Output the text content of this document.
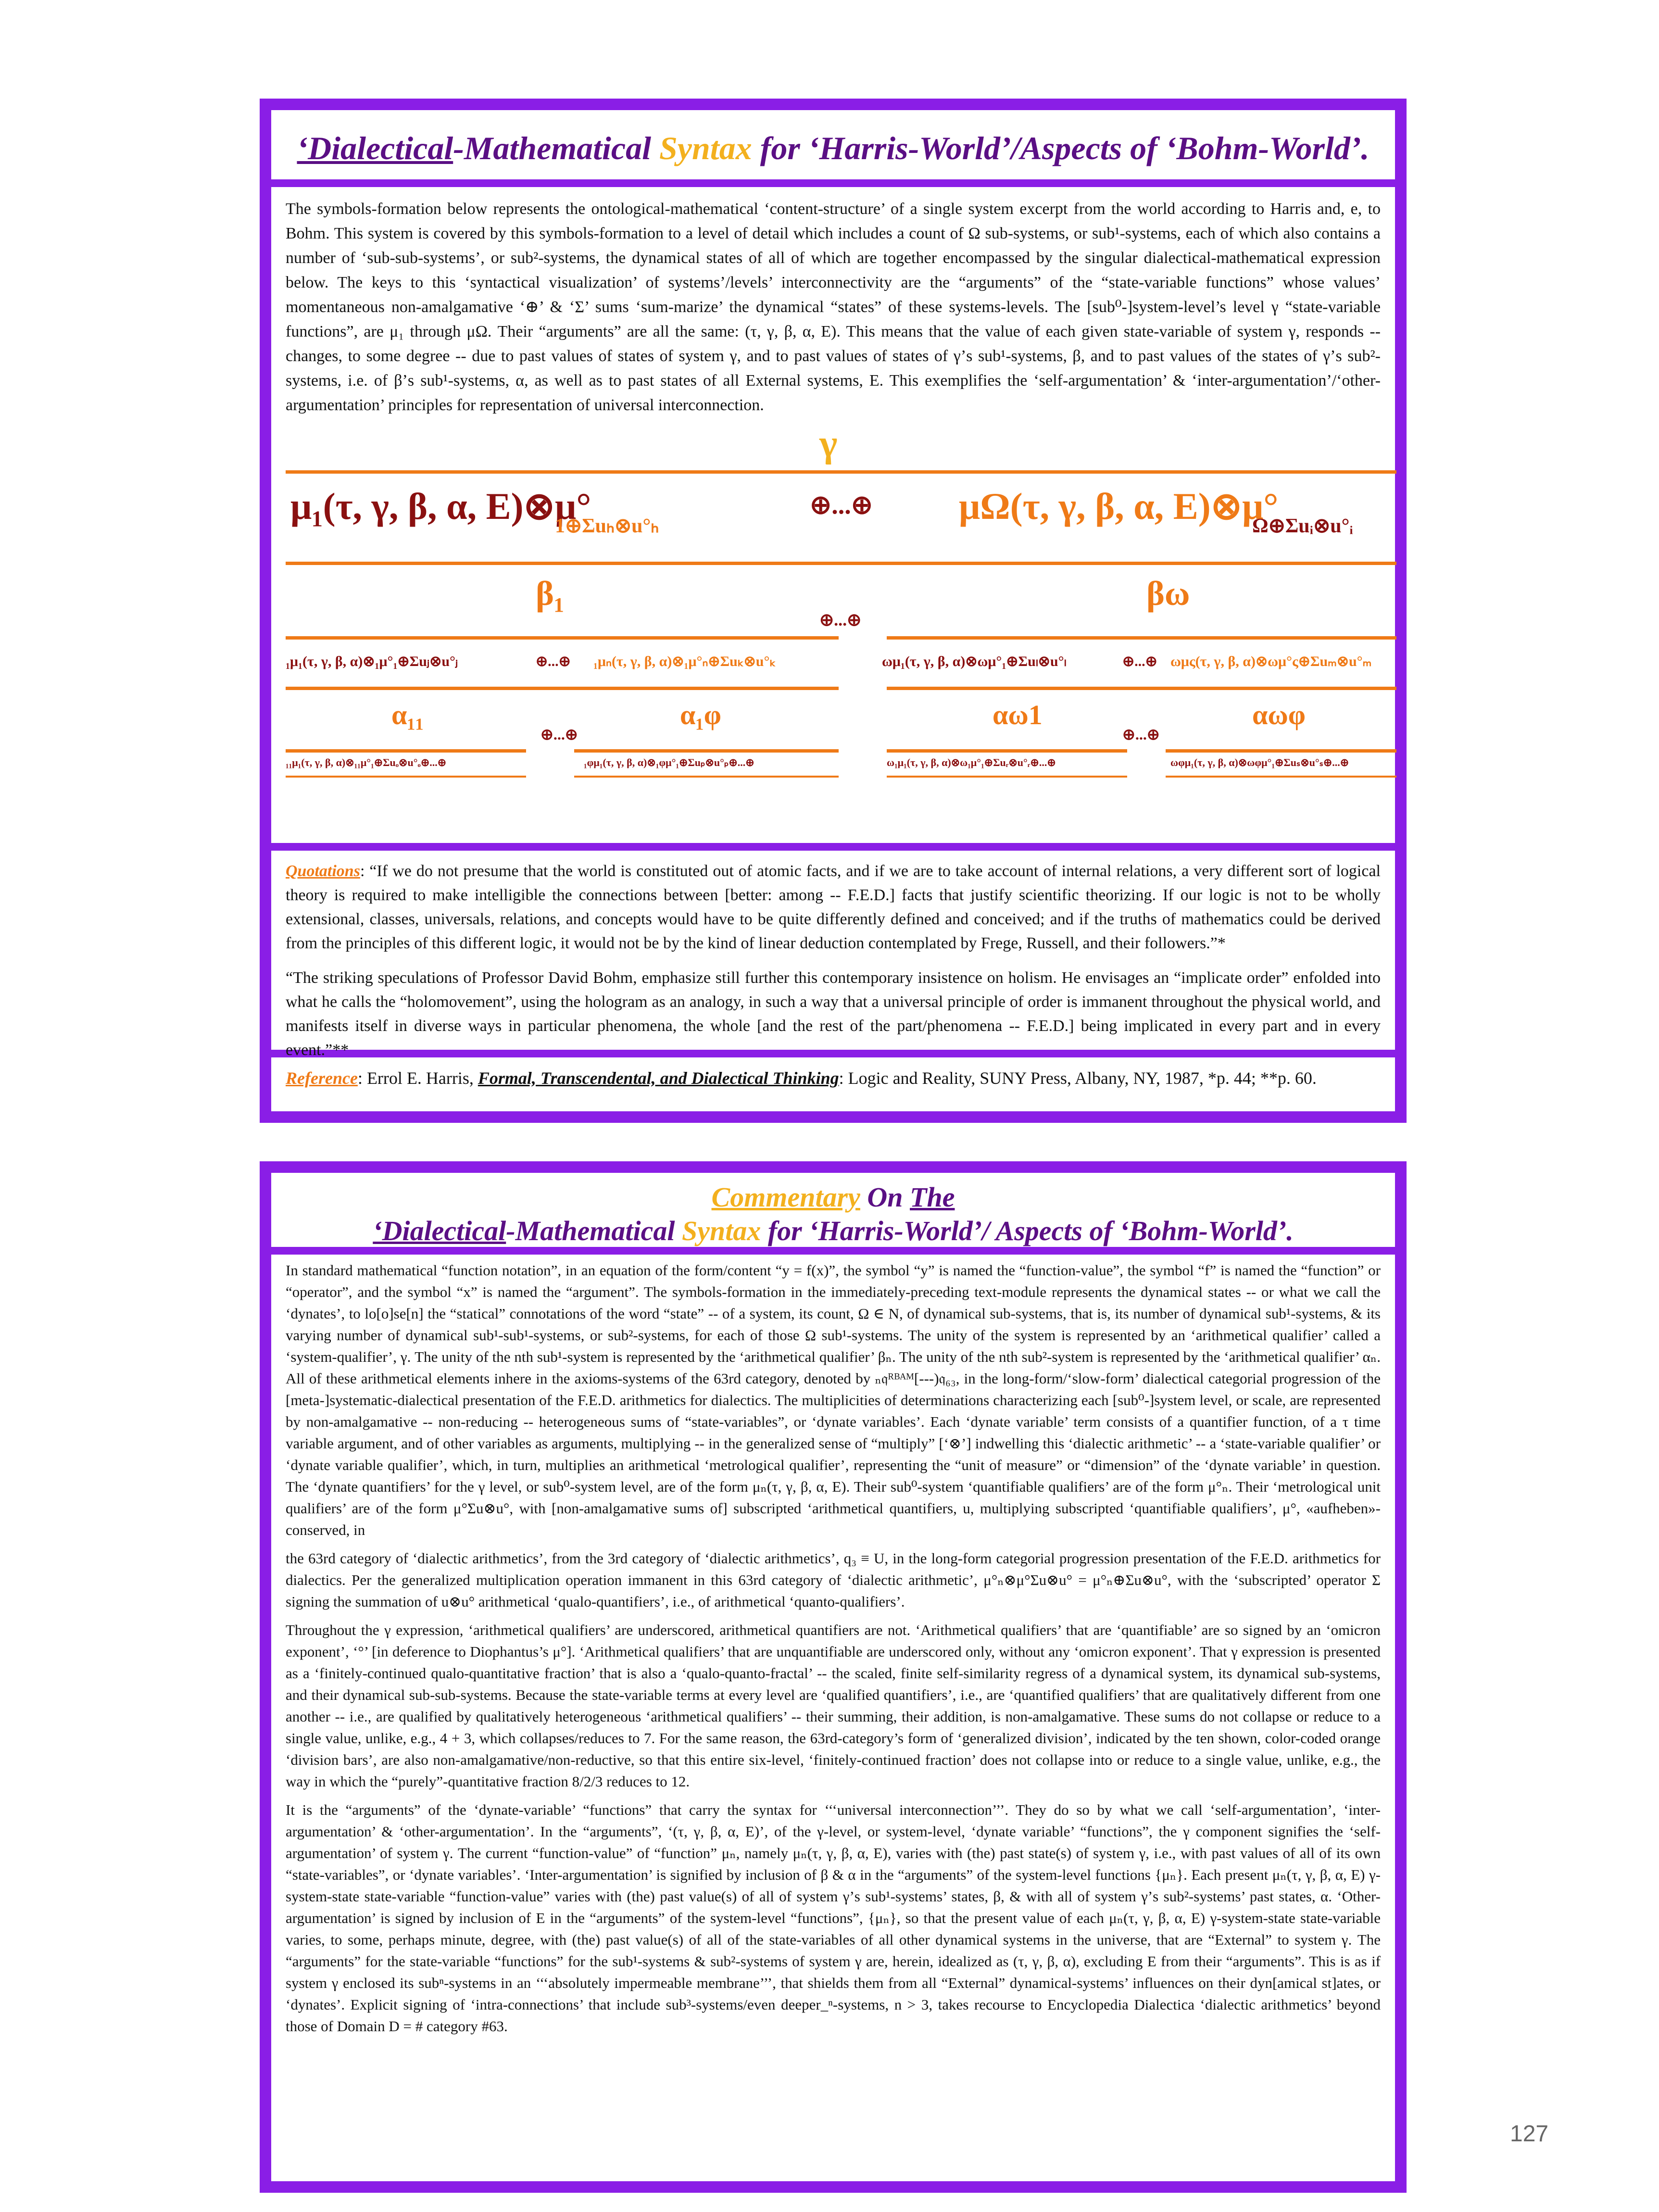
‘Dialectical-Mathematical Syntax for ‘Harris-World’/Aspects of ‘Bohm-World’.
The symbols-formation below represents the ontological-mathematical ‘content-structure’ of a single system excerpt from the world according to Harris and, e, to Bohm. This system is covered by this symbols-formation to a level of detail which includes a count of Ω sub-systems, or sub¹-systems, each of which also contains a number of ‘sub-sub-systems’, or sub²-systems, the dynamical states of all of which are together encompassed by the singular dialectical-mathematical expression below. The keys to this ‘syntactical visualization’ of systems’/levels’ interconnectivity are the “arguments” of the “state-variable functions” whose values’ momentaneous non-amalgamative ‘⊕’ & ‘Σ’ sums ‘sum-marize’ the dynamical “states” of these systems-levels. The [sub⁰-]system-level’s level γ “state-variable functions”, are μ₁ through μΩ. Their “arguments” are all the same: (τ, γ, β, α, E). This means that the value of each given state-variable of system γ, responds -- changes, to some degree -- due to past values of states of system γ, and to past values of states of γ’s sub¹-systems, β, and to past values of the states of γ’s sub²-systems, i.e. of β’s sub¹-systems, α, as well as to past states of all External systems, E. This exemplifies the ‘self-argumentation’ & ‘inter-argumentation’/‘other-argumentation’ principles for representation of universal interconnection.
γ
μ₁(τ, γ, β, α, E)⊗μ°
1⊕Σuₕ⊗u°ₕ
⊕...⊕ μΩ(τ, γ, β, α, E)⊗μ°
Ω⊕Σuᵢ⊗u°ᵢ
β₁	βω
⊕...⊕
₁μ₁(τ, γ, β, α)⊗₁μ°₁⊕Σuⱼ⊗u°ⱼ	⊕...⊕ ₁μₙ(τ, γ, β, α)⊗₁μ°ₙ⊕Σuₖ⊗u°ₖ	ωμ₁(τ, γ, β, α)⊗ωμ°₁⊕Σuₗ⊗u°ₗ	⊕...⊕ ωμς(τ, γ, β, α)⊗ωμ°ς⊕Σuₘ⊗u°ₘ
α₁₁	α₁φ	αω1	αωφ
⊕...⊕	⊕...⊕
₁₁μ₁(τ, γ, β, α)⊗₁₁μ°₁⊕Σuₒ⊗u°ₒ⊕...⊕	₁φμ₁(τ, γ, β, α)⊗₁φμ°₁⊕Σuₚ⊗u°ₚ⊕...⊕	ω₁μ₁(τ, γ, β, α)⊗ω₁μ°₁⊕Σuᵣ⊗u°ᵣ⊕...⊕	ωφμ₁(τ, γ, β, α)⊗ωφμ°₁⊕Σuₛ⊗u°ₛ⊕...⊕
Quotations: “If we do not presume that the world is constituted out of atomic facts, and if we are to take account of internal relations, a very different sort of logical theory is required to make intelligible the connections between [better: among -- F.E.D.] facts that justify scientific theorizing. If our logic is not to be wholly extensional, classes, universals, relations, and concepts would have to be quite differently defined and conceived; and if the truths of mathematics could be derived from the principles of this different logic, it would not be by the kind of linear deduction contemplated by Frege, Russell, and their followers.”*
“The striking speculations of Professor David Bohm, emphasize still further this contemporary insistence on holism. He envisages an “implicate order” enfolded into what he calls the “holomovement”, using the hologram as an analogy, in such a way that a universal principle of order is immanent throughout the physical world, and manifests itself in diverse ways in particular phenomena, the whole [and the rest of the part/phenomena -- F.E.D.] being implicated in every part and in every event.”**
Reference: Errol E. Harris, Formal, Transcendental, and Dialectical Thinking: Logic and Reality, SUNY Press, Albany, NY, 1987, *p. 44; **p. 60.
Commentary On The
‘Dialectical-Mathematical Syntax for ‘Harris-World’/ Aspects of ‘Bohm-World’.
In standard mathematical “function notation”, in an equation of the form/content “y = f(x)”, the symbol “y” is named the “function-value”, the symbol “f” is named the “function” or “operator”, and the symbol “x” is named the “argument”. The symbols-formation in the immediately-preceding text-module represents the dynamical states -- or what we call the ‘dynates’, to lo[o]se[n] the “statical” connotations of the word “state” -- of a system, its count, Ω ∈ N, of dynamical sub-systems, that is, its number of dynamical sub¹-systems, & its varying number of dynamical sub¹-sub¹-systems, or sub²-systems, for each of those Ω sub¹-systems. The unity of the system is represented by an ‘arithmetical qualifier’ called a ‘system-qualifier’, γ. The unity of the nth sub¹-system is represented by the ‘arithmetical qualifier’ βₙ. The unity of the nth sub²-system is represented by the ‘arithmetical qualifier’ αₙ. All of these arithmetical elements inhere in the axioms-systems of the 63rd category, denoted by ₙ𝔮ᴿᴮᴬᴹ[---)𝔮₆₃, in the long-form/‘slow-form’ dialectical categorial progression of the [meta-]systematic-dialectical presentation of the F.E.D. arithmetics for dialectics. The multiplicities of determinations characterizing each [sub⁰-]system level, or scale, are represented by non-amalgamative -- non-reducing -- heterogeneous sums of “state-variables”, or ‘dynate variables’. Each ‘dynate variable’ term consists of a quantifier function, of a τ time variable argument, and of other variables as arguments, multiplying -- in the generalized sense of “multiply” [‘⊗’] indwelling this ‘dialectic arithmetic’ -- a ‘state-variable qualifier’ or ‘dynate variable qualifier’, which, in turn, multiplies an arithmetical ‘metrological qualifier’, representing the “unit of measure” or “dimension” of the ‘dynate variable’ in question. The ‘dynate quantifiers’ for the γ level, or sub⁰-system level, are of the form μₙ(τ, γ, β, α, E). Their sub⁰-system ‘quantifiable qualifiers’ are of the form μ°ₙ. Their ‘metrological unit qualifiers’ are of the form μ°Σu⊗u°, with [non-amalgamative sums of] subscripted ‘arithmetical quantifiers, u, multiplying subscripted ‘quantifiable qualifiers’, μ°, «aufheben»-conserved, in
the 63rd category of ‘dialectic arithmetics’, from the 3rd category of ‘dialectic arithmetics’, q₃ ≡ U, in the long-form categorial progression presentation of the F.E.D. arithmetics for dialectics. Per the generalized multiplication operation immanent in this 63rd category of ‘dialectic arithmetic’, μ°ₙ⊗μ°Σu⊗u° = μ°ₙ⊕Σu⊗u°, with the ‘subscripted’ operator Σ signing the summation of u⊗u° arithmetical ‘qualo-quantifiers’, i.e., of arithmetical ‘quanto-qualifiers’.
Throughout the γ expression, ‘arithmetical qualifiers’ are underscored, arithmetical quantifiers are not. ‘Arithmetical qualifiers’ that are ‘quantifiable’ are so signed by an ‘omicron exponent’, ‘°’ [in deference to Diophantus’s μ°]. ‘Arithmetical qualifiers’ that are unquantifiable are underscored only, without any ‘omicron exponent’. That γ expression is presented as a ‘finitely-continued qualo-quantitative fraction’ that is also a ‘qualo-quanto-fractal’ -- the scaled, finite self-similarity regress of a dynamical system, its dynamical sub-systems, and their dynamical sub-sub-systems. Because the state-variable terms at every level are ‘qualified quantifiers’, i.e., are ‘quantified qualifiers’ that are qualitatively different from one another -- i.e., are qualified by qualitatively heterogeneous ‘arithmetical qualifiers’ -- their summing, their addition, is non-amalgamative. These sums do not collapse or reduce to a single value, unlike, e.g., 4 + 3, which collapses/reduces to 7. For the same reason, the 63rd-category’s form of ‘generalized division’, indicated by the ten shown, color-coded orange ‘division bars’, are also non-amalgamative/non-reductive, so that this entire six-level, ‘finitely-continued fraction’ does not collapse into or reduce to a single value, unlike, e.g., the way in which the “purely”-quantitative fraction 8/2/3 reduces to 12.
It is the “arguments” of the ‘dynate-variable’ “functions” that carry the syntax for ‘‘‘universal interconnection’’’. They do so by what we call ‘self-argumentation’, ‘inter-argumentation’ & ‘other-argumentation’. In the “arguments”, ‘(τ, γ, β, α, E)’, of the γ-level, or system-level, ‘dynate variable’ “functions”, the γ component signifies the ‘self-argumentation’ of system γ. The current “function-value” of “function” μₙ, namely μₙ(τ, γ, β, α, E), varies with (the) past state(s) of system γ, i.e., with past values of all of its own “state-variables”, or ‘dynate variables’. ‘Inter-argumentation’ is signified by inclusion of β & α in the “arguments” of the system-level functions {μₙ}. Each present μₙ(τ, γ, β, α, E) γ-system-state state-variable “function-value” varies with (the) past value(s) of all of system γ’s sub¹-systems’ states, β, & with all of system γ’s sub²-systems’ past states, α. ‘Other-argumentation’ is signed by inclusion of E in the “arguments” of the system-level “functions”, {μₙ}, so that the present value of each μₙ(τ, γ, β, α, E) γ-system-state state-variable varies, to some, perhaps minute, degree, with (the) past value(s) of all of the state-variables of all other dynamical systems in the universe, that are “External” to system γ. The “arguments” for the state-variable “functions” for the sub¹-systems & sub²-systems of system γ are, herein, idealized as (τ, γ, β, α), excluding E from their “arguments”. This is as if system γ enclosed its subⁿ-systems in an ‘‘‘absolutely impermeable membrane’’’, that shields them from all “External” dynamical-systems’ influences on their dyn[amical st]ates, or ‘dynates’. Explicit signing of ‘intra-connections’ that include sub³-systems/even deeper_ⁿ-systems, n > 3, takes recourse to Encyclopedia Dialectica ‘dialectic arithmetics’ beyond those of Domain D = # category #63.
127
